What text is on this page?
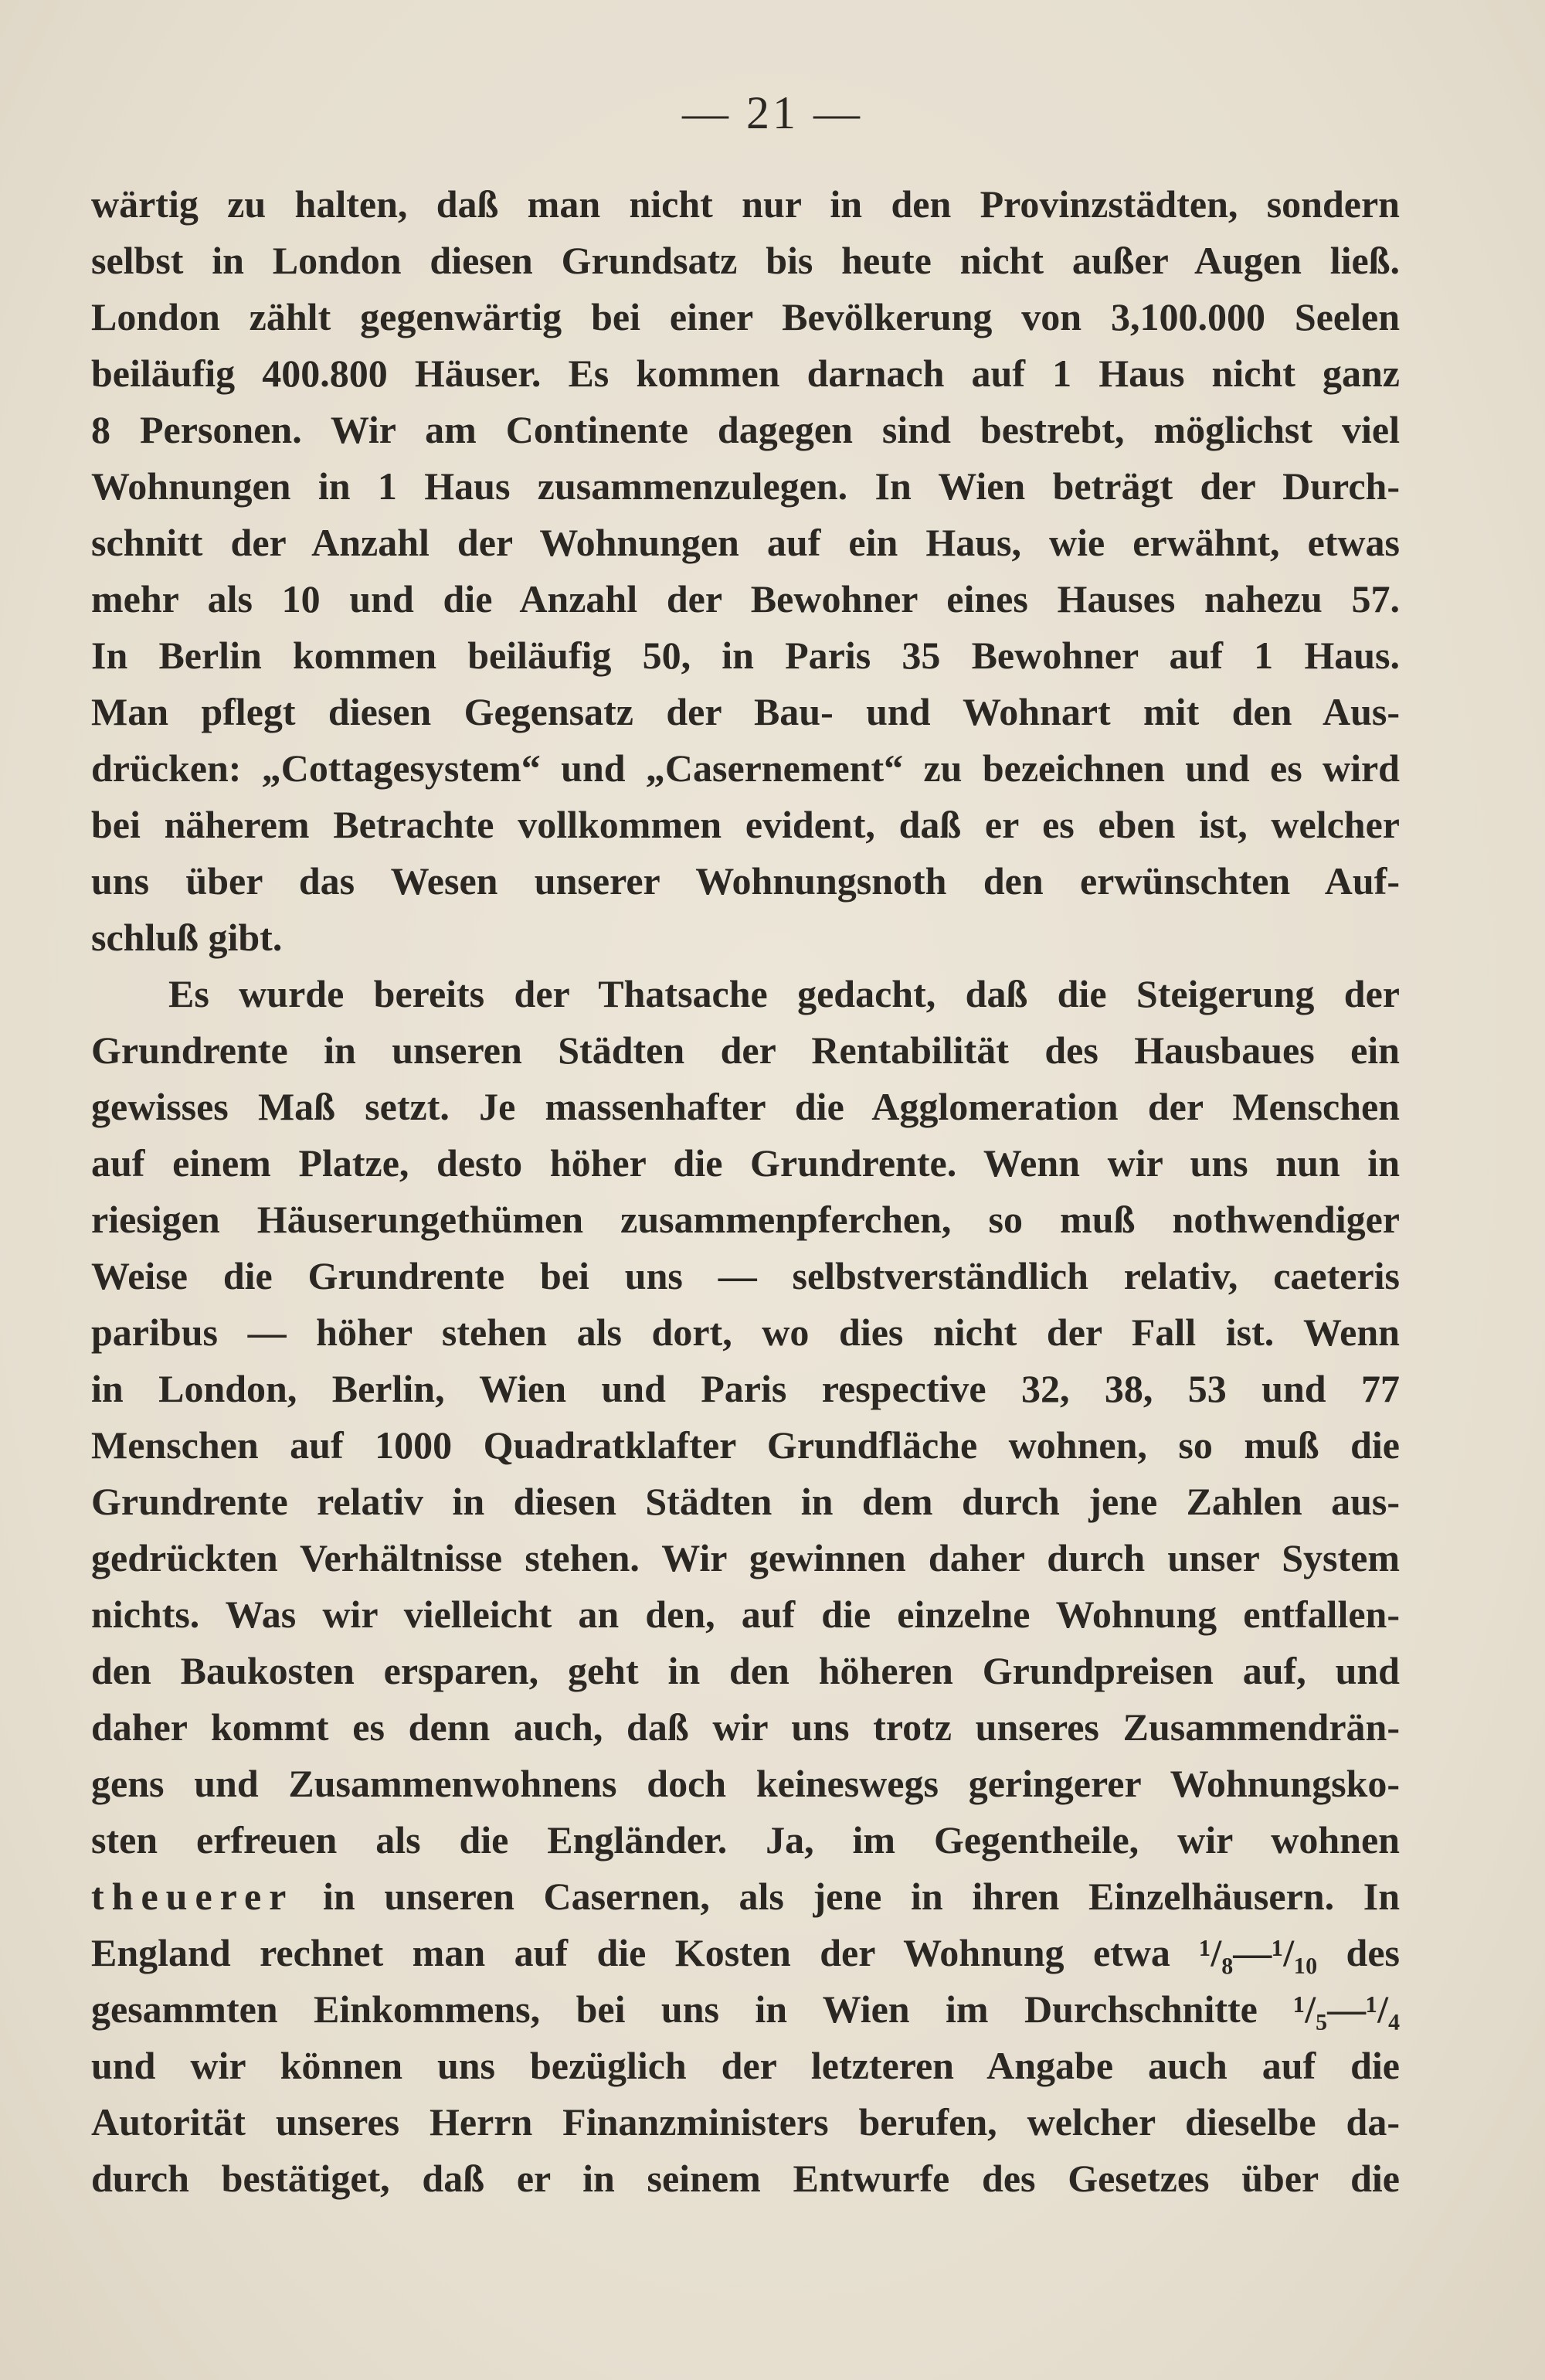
— 21 —
wärtig zu halten, daß man nicht nur in den Provinzstädten, sondern
selbst in London diesen Grundsatz bis heute nicht außer Augen ließ.
London zählt gegenwärtig bei einer Bevölkerung von 3,100.000 Seelen
beiläufig 400.800 Häuser. Es kommen darnach auf 1 Haus nicht ganz
8 Personen. Wir am Continente dagegen sind bestrebt, möglichst viel
Wohnungen in 1 Haus zusammenzulegen. In Wien beträgt der Durch-
schnitt der Anzahl der Wohnungen auf ein Haus, wie erwähnt, etwas
mehr als 10 und die Anzahl der Bewohner eines Hauses nahezu 57.
In Berlin kommen beiläufig 50, in Paris 35 Bewohner auf 1 Haus.
Man pflegt diesen Gegensatz der Bau- und Wohnart mit den Aus-
drücken: „Cottagesystem“ und „Casernement“ zu bezeichnen und es wird
bei näherem Betrachte vollkommen evident, daß er es eben ist, welcher
uns über das Wesen unserer Wohnungsnoth den erwünschten Auf-
schluß gibt.
Es wurde bereits der Thatsache gedacht, daß die Steigerung der
Grundrente in unseren Städten der Rentabilität des Hausbaues ein
gewisses Maß setzt. Je massenhafter die Agglomeration der Menschen
auf einem Platze, desto höher die Grundrente. Wenn wir uns nun in
riesigen Häuserungethümen zusammenpferchen, so muß nothwendiger
Weise die Grundrente bei uns — selbstverständlich relativ, caeteris
paribus — höher stehen als dort, wo dies nicht der Fall ist. Wenn
in London, Berlin, Wien und Paris respective 32, 38, 53 und 77
Menschen auf 1000 Quadratklafter Grundfläche wohnen, so muß die
Grundrente relativ in diesen Städten in dem durch jene Zahlen aus-
gedrückten Verhältnisse stehen. Wir gewinnen daher durch unser System
nichts. Was wir vielleicht an den, auf die einzelne Wohnung entfallen-
den Baukosten ersparen, geht in den höheren Grundpreisen auf, und
daher kommt es denn auch, daß wir uns trotz unseres Zusammendrän-
gens und Zusammenwohnens doch keineswegs geringerer Wohnungsko-
sten erfreuen als die Engländer. Ja, im Gegentheile, wir wohnen
theuerer in unseren Casernen, als jene in ihren Einzelhäusern. In
England rechnet man auf die Kosten der Wohnung etwa ¹/₈—¹/₁₀ des
gesammten Einkommens, bei uns in Wien im Durchschnitte ¹/₅—¹/₄
und wir können uns bezüglich der letzteren Angabe auch auf die
Autorität unseres Herrn Finanzministers berufen, welcher dieselbe da-
durch bestätiget, daß er in seinem Entwurfe des Gesetzes über die
